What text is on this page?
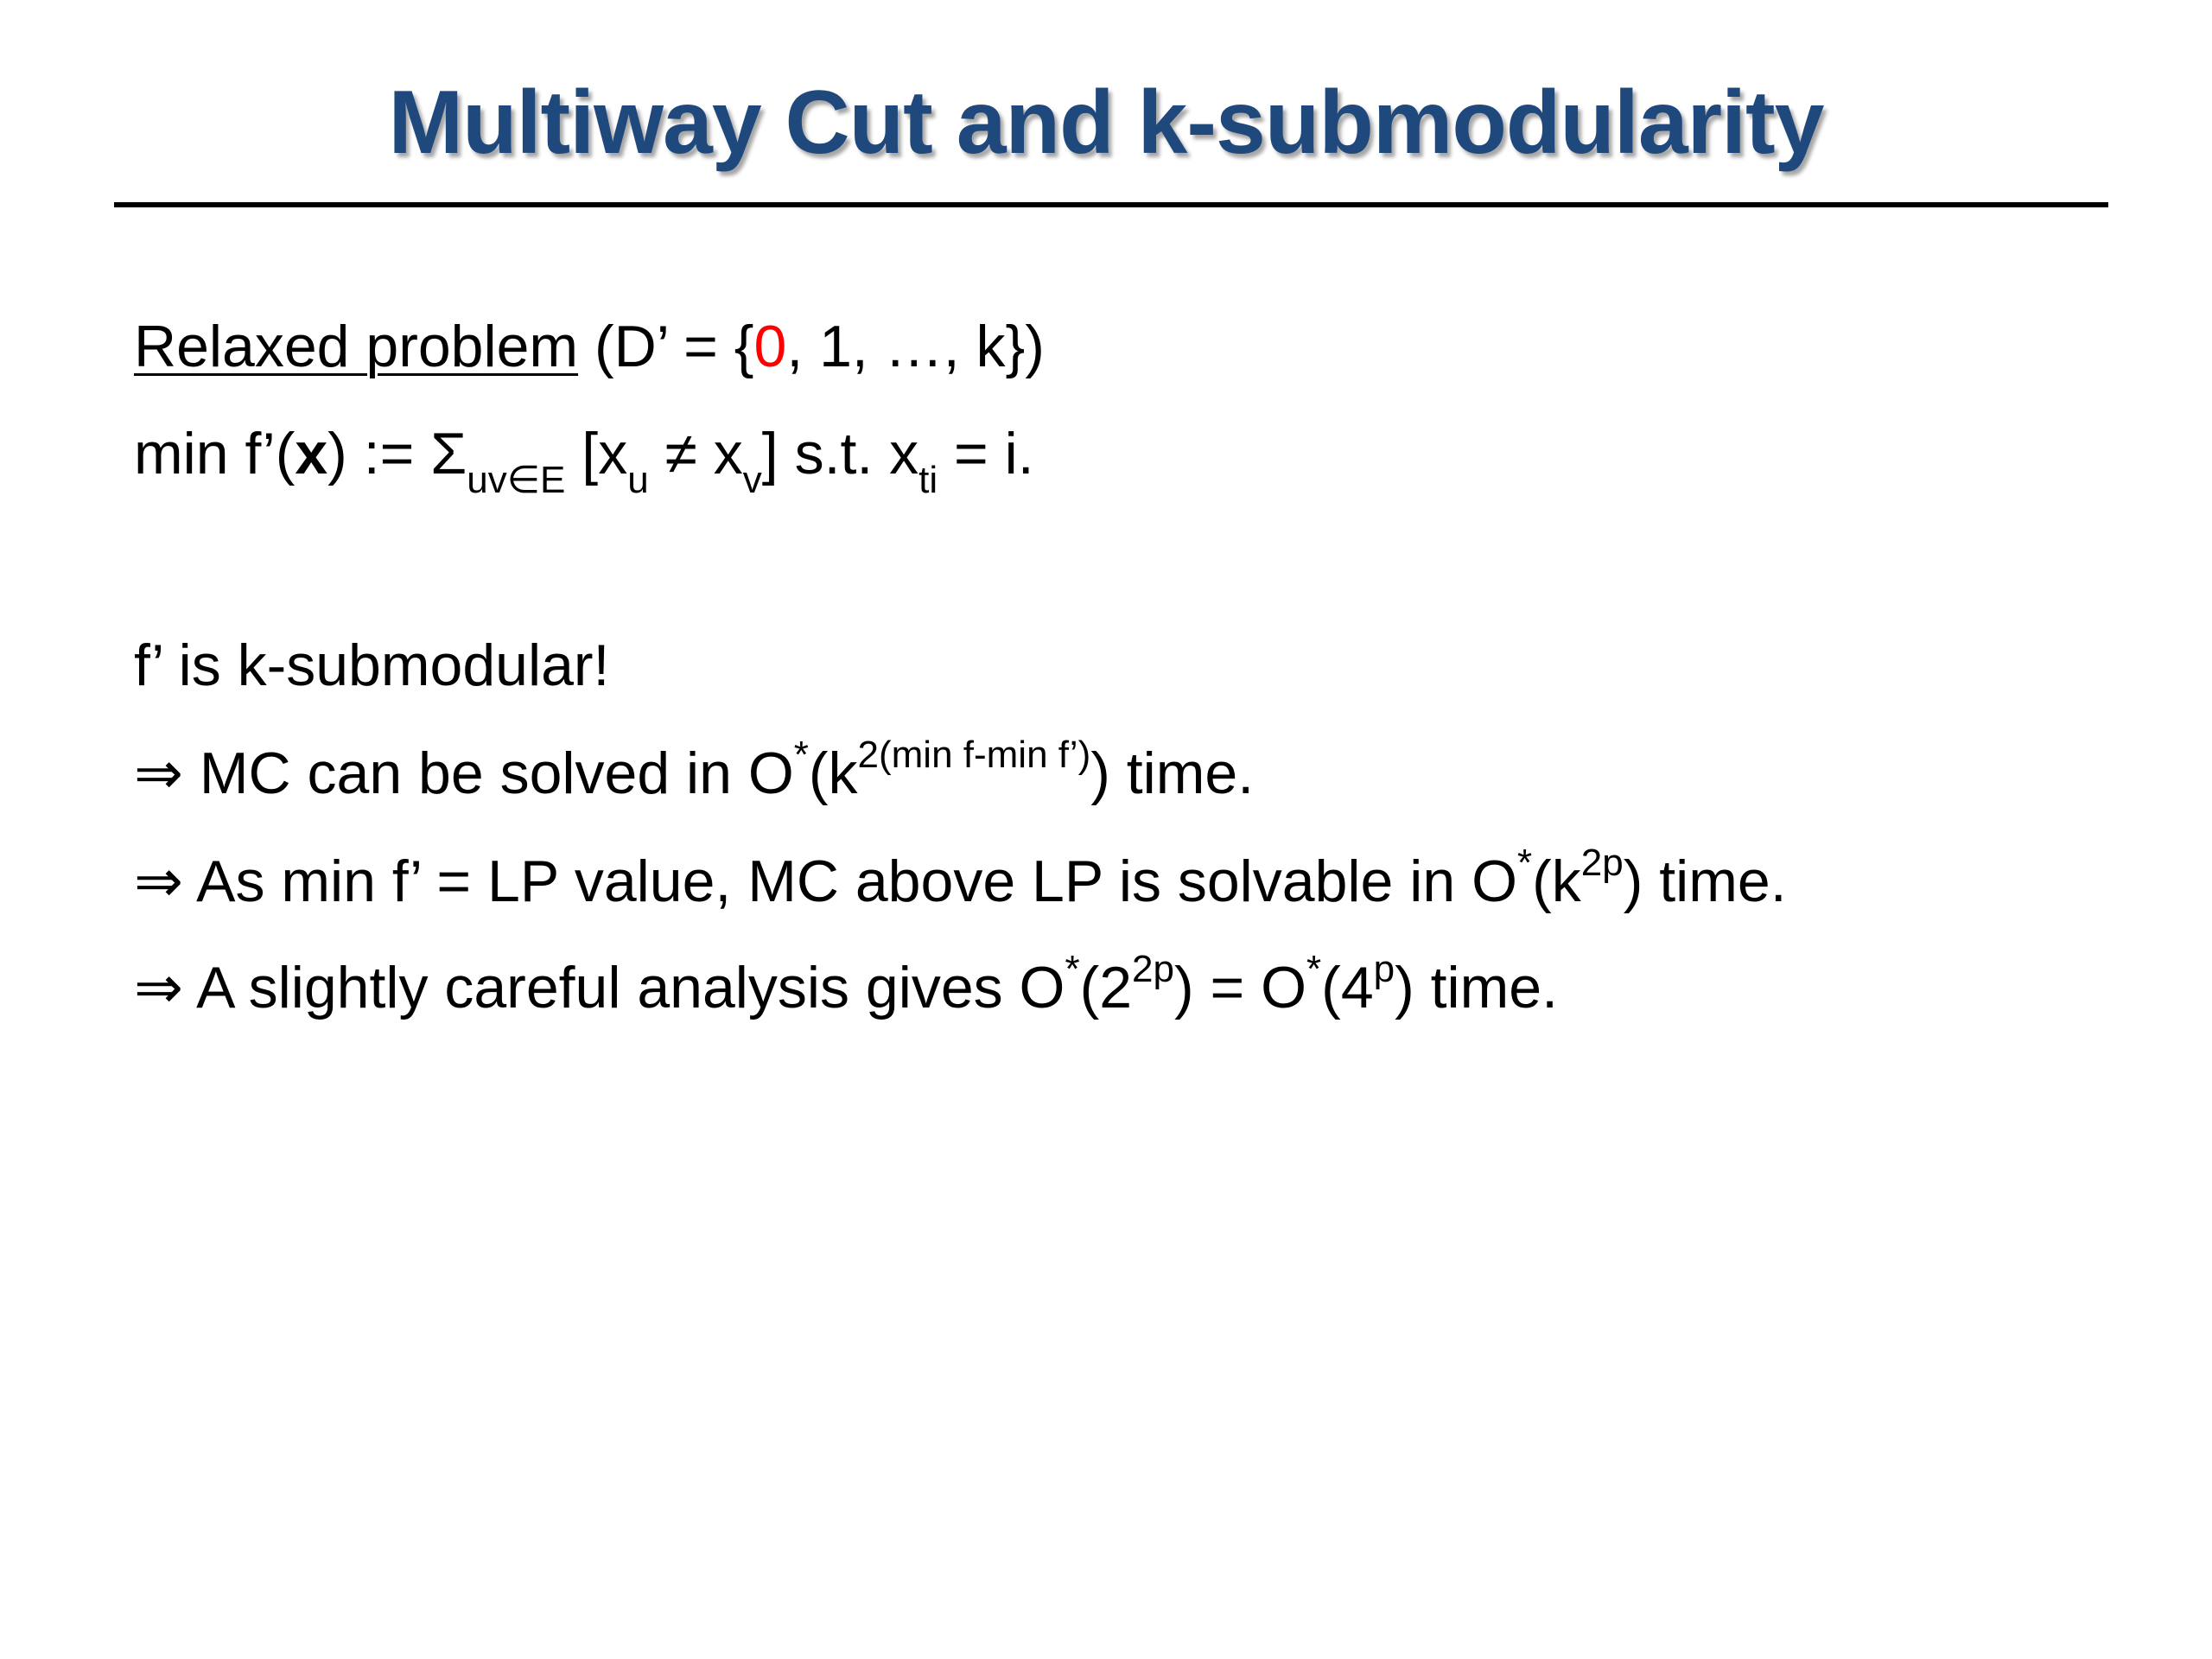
Multiway Cut and k-submodularity
Relaxed problem (D’ = {0, 1, …, k})
min f’(x) := $\Sigma_{uv\in E}$ $[x_u \ne x_v]$ s.t. $x_{ti} = i$.
f’ is k-submodular!
⇒ MC can be solved in $O^*(k^{2(min f-min f’)})$ time.
⇒ As min f’ = LP value, MC above LP is solvable in $O^*(k^{2p})$ time.
⇒ A slightly careful analysis gives $O^*(2^{2p}) = O^*(4^p)$ time.
